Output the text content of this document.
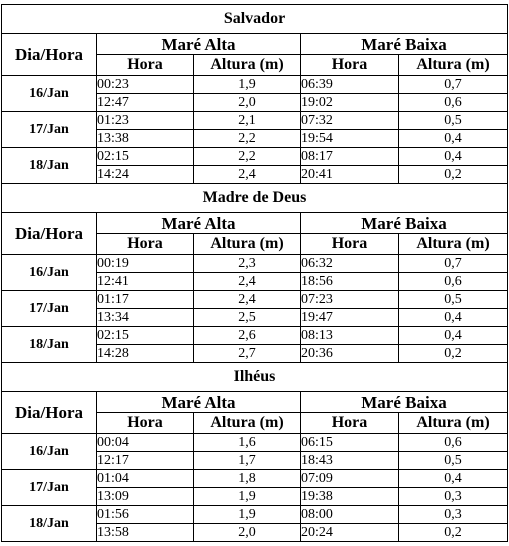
Salvador				
Dia/Hora	Maré Alta		Maré Baixa	
	Hora	Altura (m)	Hora	Altura (m)
16/Jan	00:23	1,9	06:39	0,7
	12:47	2,0	19:02	0,6
17/Jan	01:23	2,1	07:32	0,5
	13:38	2,2	19:54	0,4
18/Jan	02:15	2,2	08:17	0,4
	14:24	2,4	20:41	0,2
Madre de Deus				
Dia/Hora	Maré Alta		Maré Baixa	
	Hora	Altura (m)	Hora	Altura (m)
16/Jan	00:19	2,3	06:32	0,7
	12:41	2,4	18:56	0,6
17/Jan	01:17	2,4	07:23	0,5
	13:34	2,5	19:47	0,4
18/Jan	02:15	2,6	08:13	0,4
	14:28	2,7	20:36	0,2
Ilhéus				
Dia/Hora	Maré Alta		Maré Baixa	
	Hora	Altura (m)	Hora	Altura (m)
16/Jan	00:04	1,6	06:15	0,6
	12:17	1,7	18:43	0,5
17/Jan	01:04	1,8	07:09	0,4
	13:09	1,9	19:38	0,3
18/Jan	01:56	1,9	08:00	0,3
	13:58	2,0	20:24	0,2
